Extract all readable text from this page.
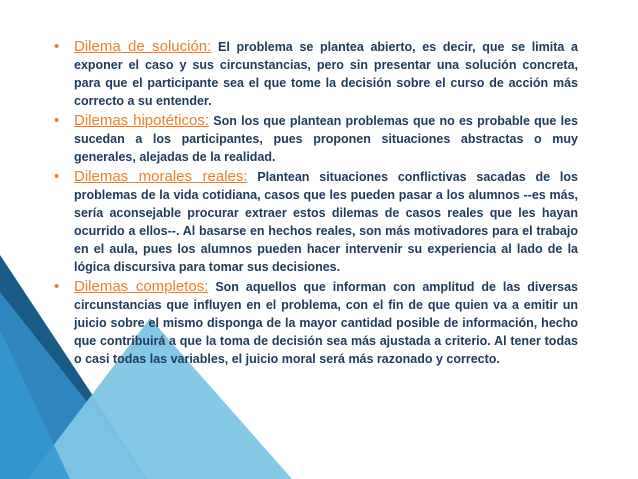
• Dilema de solución: El problema se plantea abierto, es decir, que se limita a exponer el caso y sus circunstancias, pero sin presentar una solución concreta, para que el participante sea el que tome la decisión sobre el curso de acción más correcto a su entender.

• Dilemas hipotéticos: Son los que plantean problemas que no es probable que les sucedan a los participantes, pues proponen situaciones abstractas o muy generales, alejadas de la realidad.

• Dilemas morales reales: Plantean situaciones conflictivas sacadas de los problemas de la vida cotidiana, casos que les pueden pasar a los alumnos --es más, sería aconsejable procurar extraer estos dilemas de casos reales que les hayan ocurrido a ellos--. Al basarse en hechos reales, son más motivadores para el trabajo en el aula, pues los alumnos pueden hacer intervenir su experiencia al lado de la lógica discursiva para tomar sus decisiones.

• Dilemas completos: Son aquellos que informan con amplitud de las diversas circunstancias que influyen en el problema, con el fin de que quien va a emitir un juicio sobre el mismo disponga de la mayor cantidad posible de información, hecho que contribuirá a que la toma de decisión sea más ajustada a criterio. Al tener todas o casi todas las variables, el juicio moral será más razonado y correcto.
